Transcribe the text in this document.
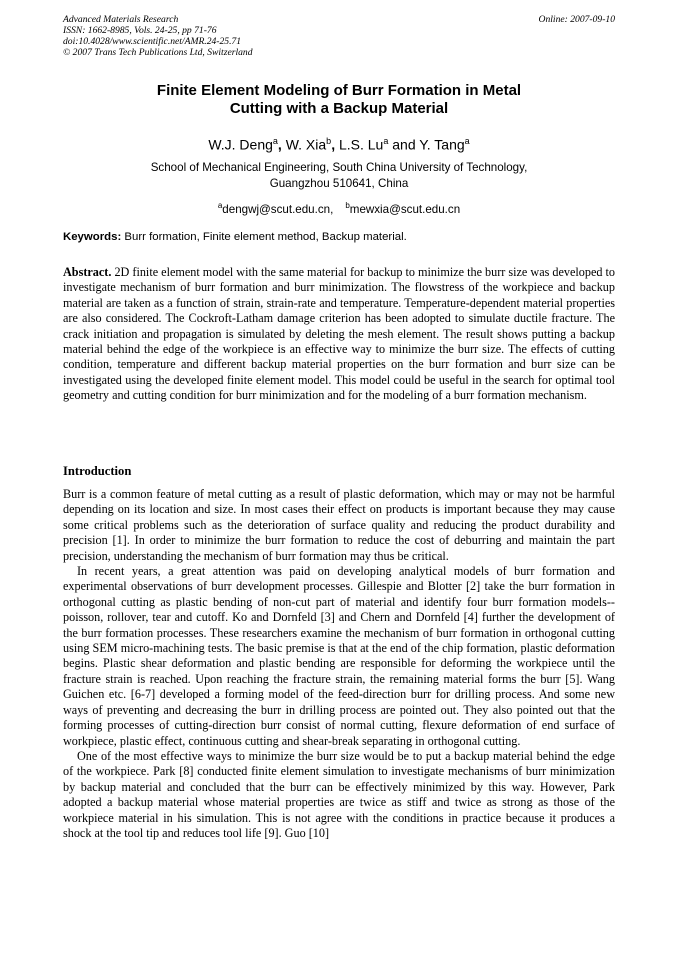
Advanced Materials Research
ISSN: 1662-8985, Vols. 24-25, pp 71-76
doi:10.4028/www.scientific.net/AMR.24-25.71
© 2007 Trans Tech Publications Ltd, Switzerland
Online: 2007-09-10
Finite Element Modeling of Burr Formation in Metal
Cutting with a Backup Material
W.J. Deng$^a$, W. Xia$^b$, L.S. Lu$^a$ and Y. Tang$^a$
School of Mechanical Engineering, South China University of Technology,
Guangzhou 510641, China
$^a$dengwj@scut.edu.cn, $^b$mewxia@scut.edu.cn
Keywords: Burr formation, Finite element method, Backup material.
Abstract. 2D finite element model with the same material for backup to minimize the burr size was developed to investigate mechanism of burr formation and burr minimization. The flowstress of the workpiece and backup material are taken as a function of strain, strain-rate and temperature. Temperature-dependent material properties are also considered. The Cockroft-Latham damage criterion has been adopted to simulate ductile fracture. The crack initiation and propagation is simulated by deleting the mesh element. The result shows putting a backup material behind the edge of the workpiece is an effective way to minimize the burr size. The effects of cutting condition, temperature and different backup material properties on the burr formation and burr size can be investigated using the developed finite element model. This model could be useful in the search for optimal tool geometry and cutting condition for burr minimization and for the modeling of a burr formation mechanism.
Introduction

Burr is a common feature of metal cutting as a result of plastic deformation, which may or may not be harmful depending on its location and size. In most cases their effect on products is important because they may cause some critical problems such as the deterioration of surface quality and reducing the product durability and precision [1]. In order to minimize the burr formation to reduce the cost of deburring and maintain the part precision, understanding the mechanism of burr formation may thus be critical.

In recent years, a great attention was paid on developing analytical models of burr formation and experimental observations of burr development processes. Gillespie and Blotter [2] take the burr formation in orthogonal cutting as plastic bending of non-cut part of material and identify four burr formation models--poisson, rollover, tear and cutoff. Ko and Dornfeld [3] and Chern and Dornfeld [4] further the development of the burr formation processes. These researchers examine the mechanism of burr formation in orthogonal cutting using SEM micro-machining tests. The basic premise is that at the end of the chip formation, plastic deformation begins. Plastic shear deformation and plastic bending are responsible for deforming the workpiece until the fracture strain is reached. Upon reaching the fracture strain, the remaining material forms the burr [5]. Wang Guichen etc. [6-7] developed a forming model of the feed-direction burr for drilling process. And some new ways of preventing and decreasing the burr in drilling process are pointed out. They also pointed out that the forming processes of cutting-direction burr consist of normal cutting, flexure deformation of end surface of workpiece, plastic effect, continuous cutting and shear-break separating in orthogonal cutting.

One of the most effective ways to minimize the burr size would be to put a backup material behind the edge of the workpiece. Park [8] conducted finite element simulation to investigate mechanisms of burr minimization by backup material and concluded that the burr can be effectively minimized by this way. However, Park adopted a backup material whose material properties are twice as stiff and twice as strong as those of the workpiece material in his simulation. This is not agree with the conditions in practice because it produces a shock at the tool tip and reduces tool life [9]. Guo [10]
